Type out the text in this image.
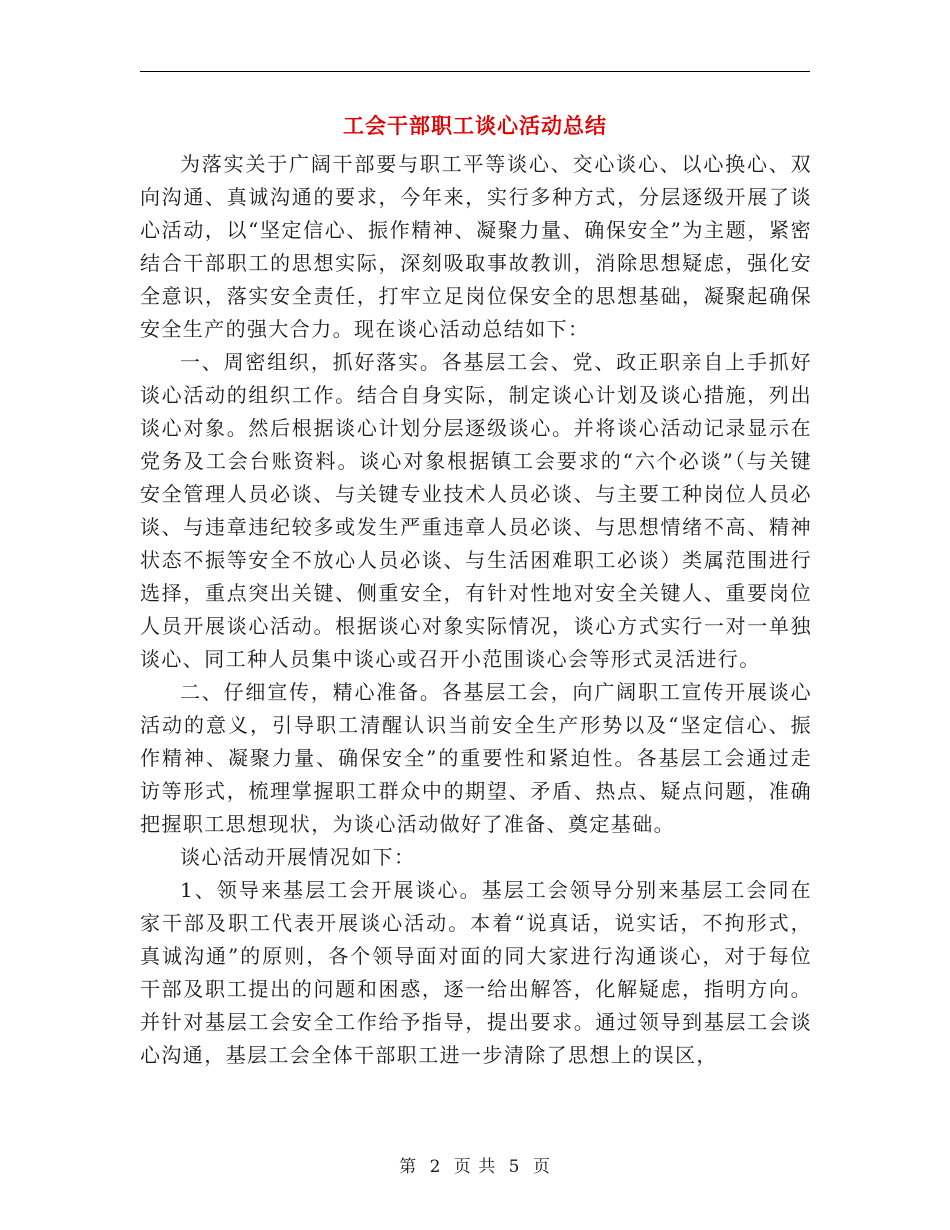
工会干部职工谈心活动总结

为落实关于广阔干部要与职工平等谈心、交心谈心、以心换心、双向沟通、真诚沟通的要求，今年来，实行多种方式，分层逐级开展了谈心活动，以“坚定信心、振作精神、凝聚力量、确保安全”为主题，紧密结合干部职工的思想实际，深刻吸取事故教训，消除思想疑虑，强化安全意识，落实安全责任，打牢立足岗位保安全的思想基础，凝聚起确保安全生产的强大合力。现在谈心活动总结如下：

一、周密组织，抓好落实。各基层工会、党、政正职亲自上手抓好谈心活动的组织工作。结合自身实际，制定谈心计划及谈心措施，列出谈心对象。然后根据谈心计划分层逐级谈心。并将谈心活动记录显示在党务及工会台账资料。谈心对象根据镇工会要求的“六个必谈”（与关键安全管理人员必谈、与关键专业技术人员必谈、与主要工种岗位人员必谈、与违章违纪较多或发生严重违章人员必谈、与思想情绪不高、精神状态不振等安全不放心人员必谈、与生活困难职工必谈）类属范围进行选择，重点突出关键、侧重安全，有针对性地对安全关键人、重要岗位人员开展谈心活动。根据谈心对象实际情况，谈心方式实行一对一单独谈心、同工种人员集中谈心或召开小范围谈心会等形式灵活进行。

二、仔细宣传，精心准备。各基层工会，向广阔职工宣传开展谈心活动的意义，引导职工清醒认识当前安全生产形势以及“坚定信心、振作精神、凝聚力量、确保安全”的重要性和紧迫性。各基层工会通过走访等形式，梳理掌握职工群众中的期望、矛盾、热点、疑点问题，准确把握职工思想现状，为谈心活动做好了准备、奠定基础。

谈心活动开展情况如下：

1、领导来基层工会开展谈心。基层工会领导分别来基层工会同在家干部及职工代表开展谈心活动。本着“说真话，说实话，不拘形式，真诚沟通”的原则，各个领导面对面的同大家进行沟通谈心，对于每位干部及职工提出的问题和困惑，逐一给出解答，化解疑虑，指明方向。并针对基层工会安全工作给予指导，提出要求。通过领导到基层工会谈心沟通，基层工会全体干部职工进一步清除了思想上的误区，

第 2 页 共 5 页
